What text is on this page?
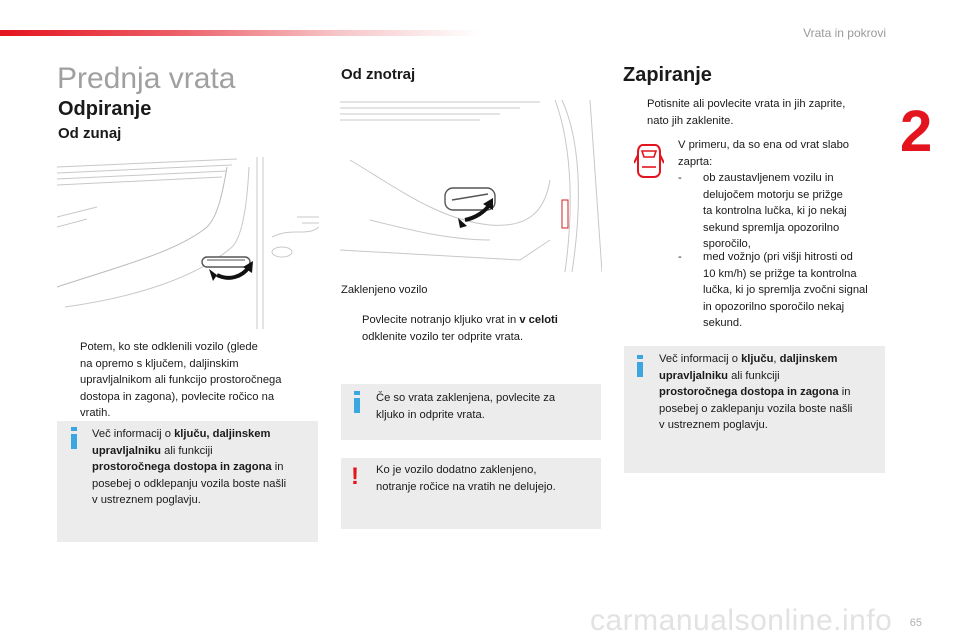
Vrata in pokrovi
2
Prednja vrata
Odpiranje
Od zunaj
Potem, ko ste odklenili vozilo (glede
na opremo s ključem, daljinskim
upravljalnikom ali funkcijo prostoročnega
dostopa in zagona), povlecite ročico na
vratih.
Več informacij o ključu, daljinskem
upravljalniku ali funkciji
prostoročnega dostopa in zagona in
posebej o odklepanju vozila boste našli
v ustreznem poglavju.
Od znotraj
Zaklenjeno vozilo
Povlecite notranjo kljuko vrat in v celoti
odklenite vozilo ter odprite vrata.
Če so vrata zaklenjena, povlecite za
kljuko in odprite vrata.
! Ko je vozilo dodatno zaklenjeno,
notranje ročice na vratih ne delujejo.
Zapiranje
Potisnite ali povlecite vrata in jih zaprite,
nato jih zaklenite.
V primeru, da so ena od vrat slabo
zaprta:
- ob zaustavljenem vozilu in
delujočem motorju se prižge
ta kontrolna lučka, ki jo nekaj
sekund spremlja opozorilno
sporočilo,
- med vožnjo (pri višji hitrosti od
10 km/h) se prižge ta kontrolna
lučka, ki jo spremlja zvočni signal
in opozorilno sporočilo nekaj
sekund.
Več informacij o ključu, daljinskem
upravljalniku ali funkciji
prostoročnega dostopa in zagona in
posebej o zaklepanju vozila boste našli
v ustreznem poglavju.
carmanualsonline.info 65
